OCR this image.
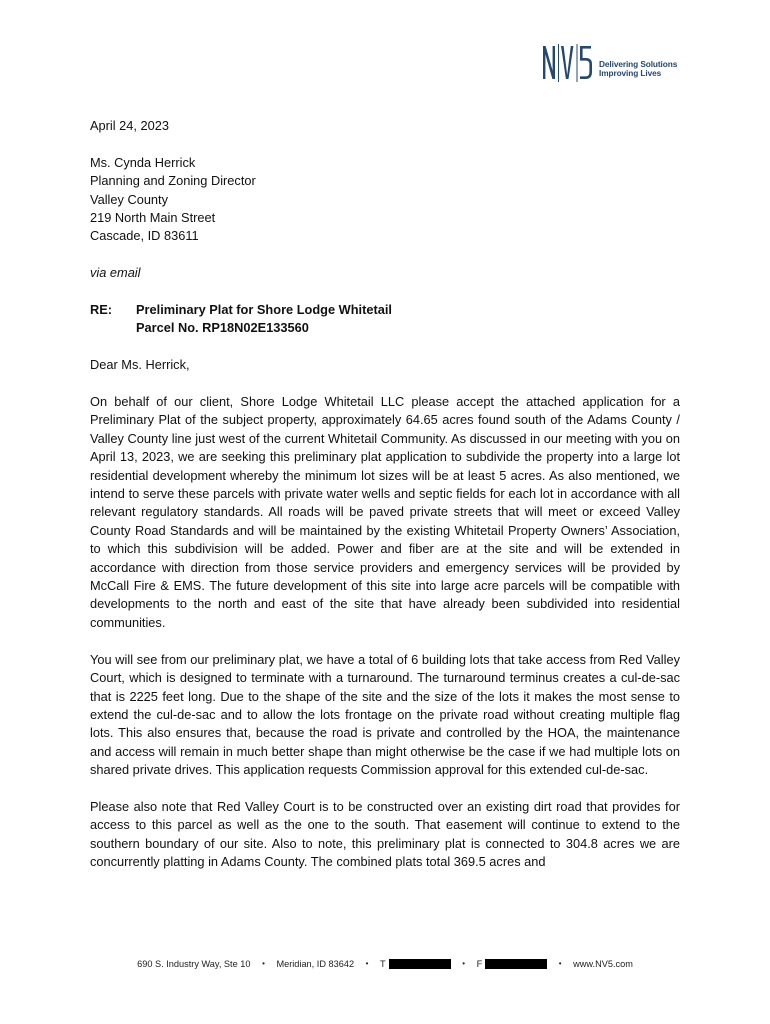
Delivering Solutions
Improving Lives

April 24, 2023

Ms. Cynda Herrick

Planning and Zoning Director

Valley County

219 North Main Street

Cascade, ID 83611

via email

RE:	Preliminary Plat for Shore Lodge Whitetail

Parcel No. RP18N02E133560

Dear Ms. Herrick,

On behalf of our client, Shore Lodge Whitetail LLC please accept the attached application for a Preliminary Plat of the subject property, approximately 64.65 acres found south of the Adams County / Valley County line just west of the current Whitetail Community. As discussed in our meeting with you on April 13, 2023, we are seeking this preliminary plat application to subdivide the property into a large lot residential development whereby the minimum lot sizes will be at least 5 acres. As also mentioned, we intend to serve these parcels with private water wells and septic fields for each lot in accordance with all relevant regulatory standards. All roads will be paved private streets that will meet or exceed Valley County Road Standards and will be maintained by the existing Whitetail Property Owners’ Association, to which this subdivision will be added. Power and fiber are at the site and will be extended in accordance with direction from those service providers and emergency services will be provided by McCall Fire & EMS. The future development of this site into large acre parcels will be compatible with developments to the north and east of the site that have already been subdivided into residential communities.

You will see from our preliminary plat, we have a total of 6 building lots that take access from Red Valley Court, which is designed to terminate with a turnaround. The turnaround terminus creates a cul-de-sac that is 2225 feet long. Due to the shape of the site and the size of the lots it makes the most sense to extend the cul-de-sac and to allow the lots frontage on the private road without creating multiple flag lots. This also ensures that, because the road is private and controlled by the HOA, the maintenance and access will remain in much better shape than might otherwise be the case if we had multiple lots on shared private drives. This application requests Commission approval for this extended cul-de-sac.

Please also note that Red Valley Court is to be constructed over an existing dirt road that provides for access to this parcel as well as the one to the south. That easement will continue to extend to the southern boundary of our site. Also to note, this preliminary plat is connected to 304.8 acres we are concurrently platting in Adams County. The combined plats total 369.5 acres and

690 S. Industry Way, Ste 10 • Meridian, ID 83642 • T	• F	• www.NV5.com
